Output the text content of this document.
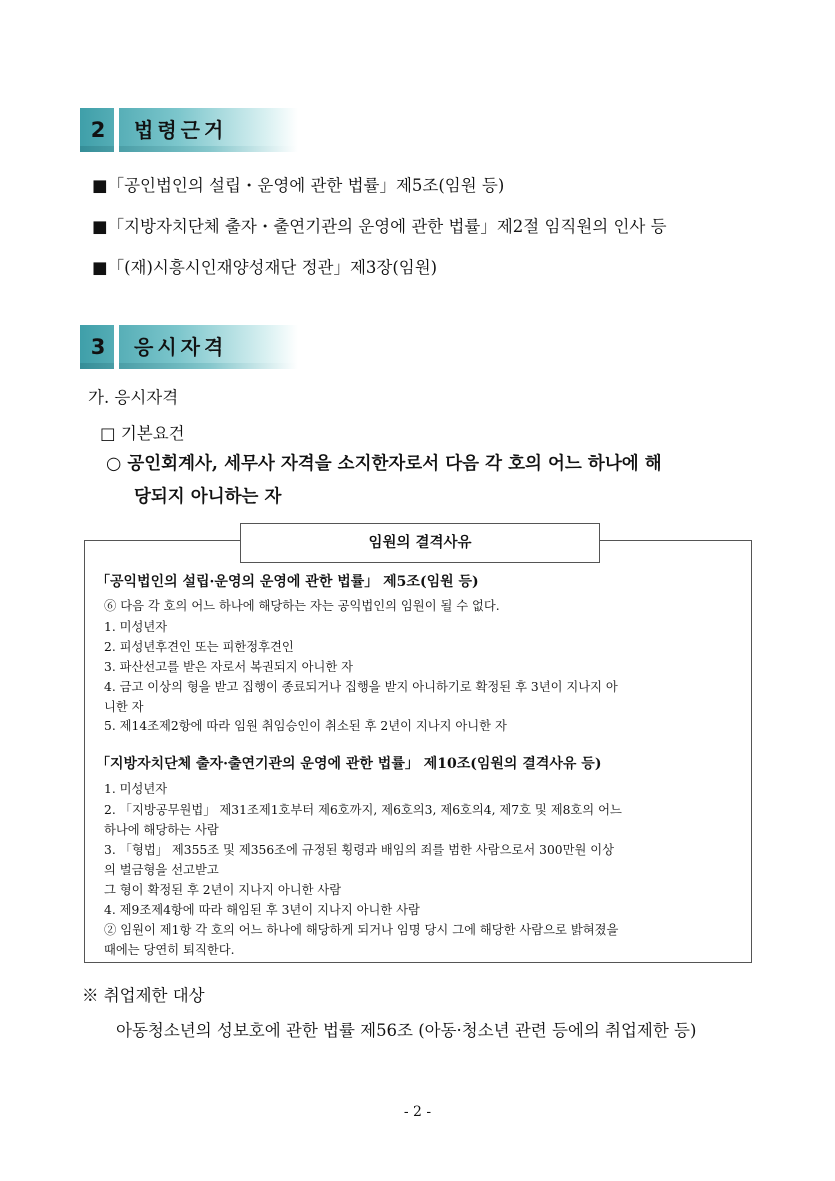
2	법령근거
■「공인법인의 설립・운영에 관한 법률」제5조(임원 등)
■「지방자치단체 출자・출연기관의 운영에 관한 법률」제2절 임직원의 인사 등
■「(재)시흥시인재양성재단 정관」제3장(임원)
3	응시자격
가. 응시자격
□ 기본요건
○ 공인회계사, 세무사 자격을 소지한자로서 다음 각 호의 어느 하나에 해
당되지 아니하는 자
임원의 결격사유
「공익법인의 설립·운영의 운영에 관한 법률」 제5조(임원 등)
⑥ 다음 각 호의 어느 하나에 해당하는 자는 공익법인의 임원이 될 수 없다.
1. 미성년자
2. 피성년후견인 또는 피한정후견인
3. 파산선고를 받은 자로서 복권되지 아니한 자
4. 금고 이상의 형을 받고 집행이 종료되거나 집행을 받지 아니하기로 확정된 후 3년이 지나지 아
니한 자
5. 제14조제2항에 따라 임원 취임승인이 취소된 후 2년이 지나지 아니한 자
「지방자치단체 출자·출연기관의 운영에 관한 법률」 제10조(임원의 결격사유 등)
1. 미성년자
2. 「지방공무원법」 제31조제1호부터 제6호까지, 제6호의3, 제6호의4, 제7호 및 제8호의 어느
하나에 해당하는 사람
3. 「형법」 제355조 및 제356조에 규정된 횡령과 배임의 죄를 범한 사람으로서 300만원 이상
의 벌금형을 선고받고
그 형이 확정된 후 2년이 지나지 아니한 사람
4. 제9조제4항에 따라 해임된 후 3년이 지나지 아니한 사람
② 임원이 제1항 각 호의 어느 하나에 해당하게 되거나 임명 당시 그에 해당한 사람으로 밝혀졌을
때에는 당연히 퇴직한다.
※ 취업제한 대상
아동청소년의 성보호에 관한 법률 제56조 (아동·청소년 관련 등에의 취업제한 등)
- 2 -
